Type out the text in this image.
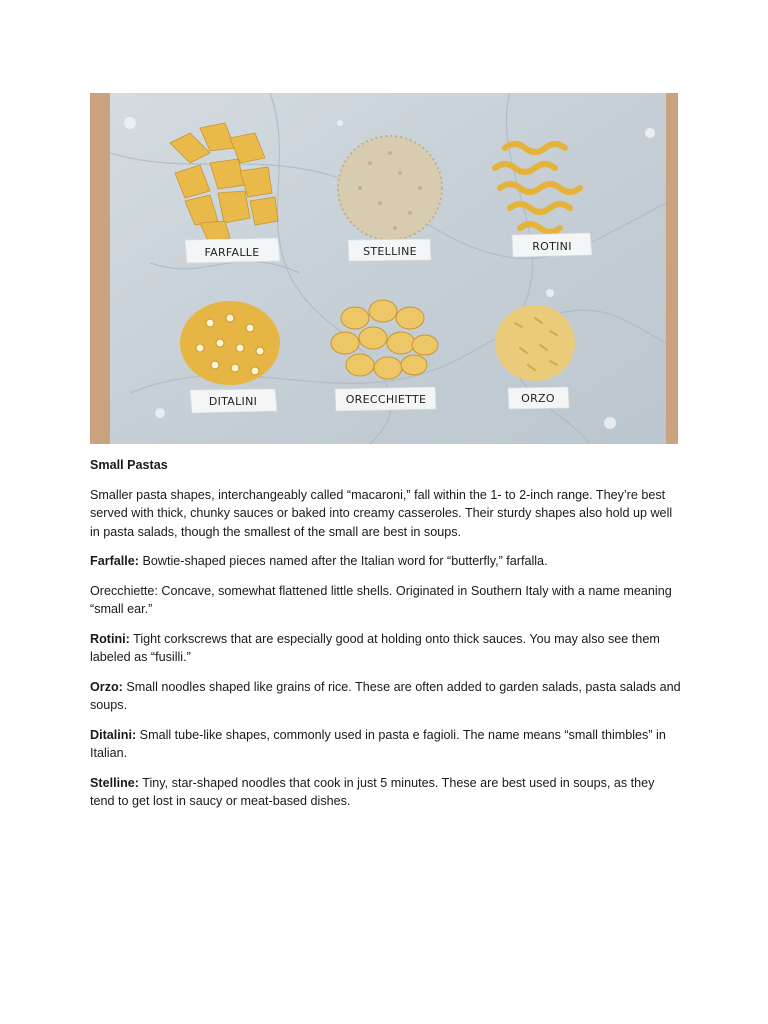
FARFALLE	STELLINE	ROTINI
DITALINI	ORECCHIETTE	ORZO

Small Pastas

Smaller pasta shapes, interchangeably called “macaroni,” fall within the 1- to 2-inch range. They’re best served with thick, chunky sauces or baked into creamy casseroles. Their sturdy shapes also hold up well in pasta salads, though the smallest of the small are best in soups.

Farfalle: Bowtie-shaped pieces named after the Italian word for “butterfly,” farfalla.

Orecchiette: Concave, somewhat flattened little shells. Originated in Southern Italy with a name meaning “small ear.”

Rotini: Tight corkscrews that are especially good at holding onto thick sauces. You may also see them labeled as “fusilli.”

Orzo: Small noodles shaped like grains of rice. These are often added to garden salads, pasta salads and soups.

Ditalini: Small tube-like shapes, commonly used in pasta e fagioli. The name means “small thimbles” in Italian.

Stelline: Tiny, star-shaped noodles that cook in just 5 minutes. These are best used in soups, as they tend to get lost in saucy or meat-based dishes.
